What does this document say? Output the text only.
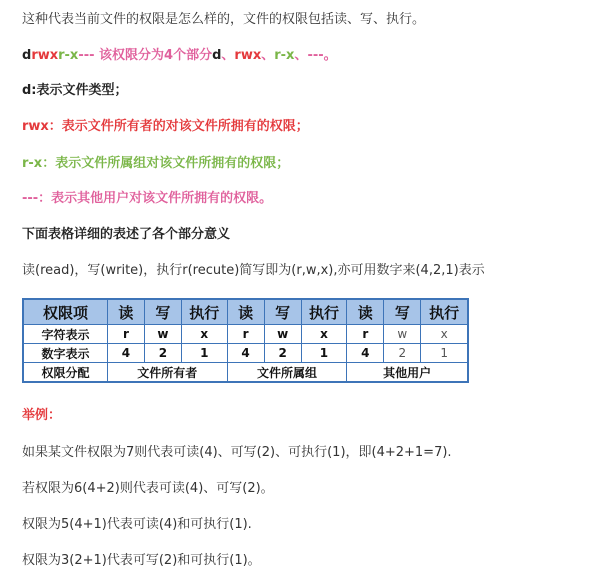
这种代表当前文件的权限是怎么样的，文件的权限包括读、写、执行。
drwxr-x--- 该权限分为4个部分d、rwx、r-x、---。
d:表示文件类型；
rwx：表示文件所有者的对该文件所拥有的权限；
r-x：表示文件所属组对该文件所拥有的权限；
---：表示其他用户对该文件所拥有的权限。
下面表格详细的表述了各个部分意义
读(read)，写(write)，执行r(recute)简写即为(r,w,x),亦可用数字来(4,2,1)表示
权限项	读	写	执行	读	写	执行	读	写	执行
字符表示	r	w	x	r	w	x	r	w	x
数字表示	4	2	1	4	2	1	4	2	1
权限分配	文件所有者			文件所属组			其他用户		
举例：
如果某文件权限为7则代表可读(4)、可写(2)、可执行(1)，即(4+2+1=7).
若权限为6(4+2)则代表可读(4)、可写(2)。
权限为5(4+1)代表可读(4)和可执行(1).
权限为3(2+1)代表可写(2)和可执行(1)。
